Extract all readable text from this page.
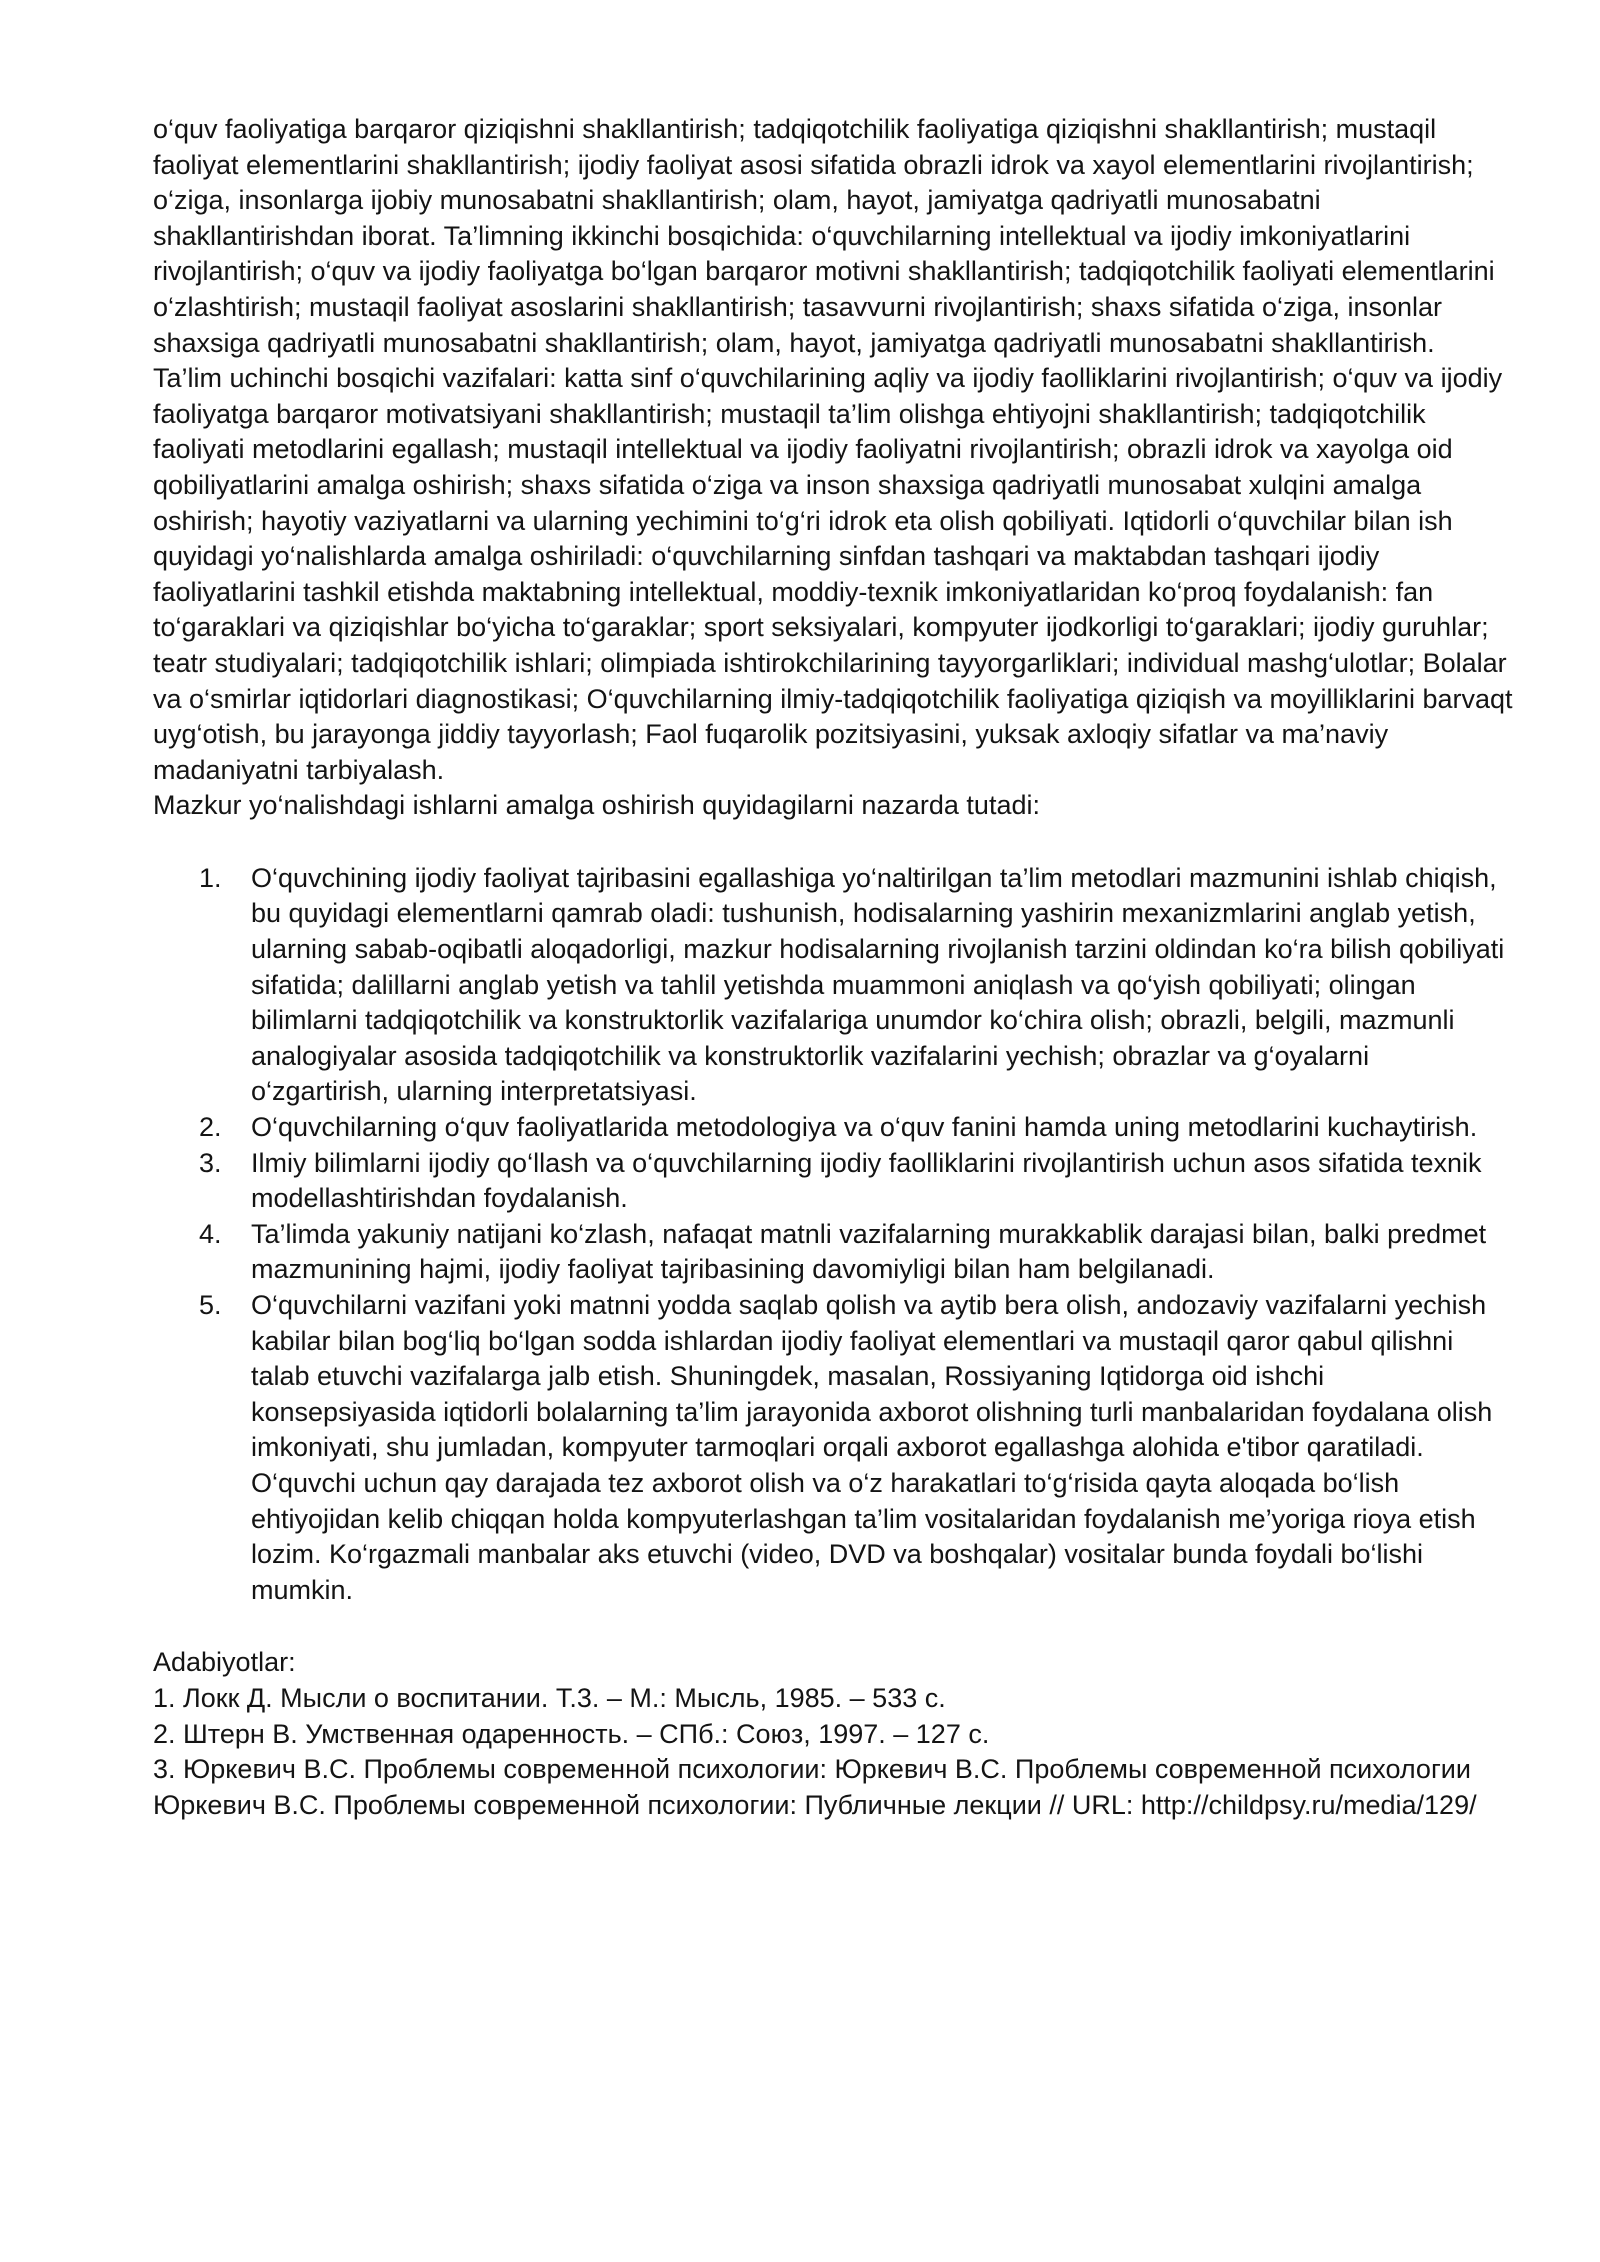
o‘quv faoliyatiga barqaror qiziqishni shakllantirish; tadqiqotchilik faoliyatiga qiziqishni shakllantirish; mustaqil faoliyat elementlarini shakllantirish; ijodiy faoliyat asosi sifatida obrazli idrok va xayol elementlarini rivojlantirish; o‘ziga, insonlarga ijobiy munosabatni shakllantirish; olam, hayot, jamiyatga qadriyatli munosabatni shakllantirishdan iborat. Ta’limning ikkinchi bosqichida: o‘quvchilarning intellektual va ijodiy imkoniyatlarini rivojlantirish; o‘quv va ijodiy faoliyatga bo‘lgan barqaror motivni shakllantirish; tadqiqotchilik faoliyati elementlarini o‘zlashtirish; mustaqil faoliyat asoslarini shakllantirish; tasavvurni rivojlantirish; shaxs sifatida o‘ziga, insonlar shaxsiga qadriyatli munosabatni shakllantirish; olam, hayot, jamiyatga qadriyatli munosabatni shakllantirish.

Ta’lim uchinchi bosqichi vazifalari: katta sinf o‘quvchilarining aqliy va ijodiy faolliklarini rivojlantirish; o‘quv va ijodiy faoliyatga barqaror motivatsiyani shakllantirish; mustaqil ta’lim olishga ehtiyojni shakllantirish; tadqiqotchilik faoliyati metodlarini egallash; mustaqil intellektual va ijodiy faoliyatni rivojlantirish; obrazli idrok va xayolga oid qobiliyatlarini amalga oshirish; shaxs sifatida o‘ziga va inson shaxsiga qadriyatli munosabat xulqini amalga oshirish; hayotiy vaziyatlarni va ularning yechimini to‘g‘ri idrok eta olish qobiliyati. Iqtidorli o‘quvchilar bilan ish quyidagi yo‘nalishlarda amalga oshiriladi: o‘quvchilarning sinfdan tashqari va maktabdan tashqari ijodiy faoliyatlarini tashkil etishda maktabning intellektual, moddiy-texnik imkoniyatlaridan ko‘proq foydalanish: fan to‘garaklari va qiziqishlar bo‘yicha to‘garaklar; sport seksiyalari, kompyuter ijodkorligi to‘garaklari; ijodiy guruhlar; teatr studiyalari; tadqiqotchilik ishlari; olimpiada ishtirokchilarining tayyorgarliklari; individual mashg‘ulotlar; Bolalar va o‘smirlar iqtidorlari diagnostikasi; O‘quvchilarning ilmiy-tadqiqotchilik faoliyatiga qiziqish va moyilliklarini barvaqt uyg‘otish, bu jarayonga jiddiy tayyorlash; Faol fuqarolik pozitsiyasini, yuksak axloqiy sifatlar va ma’naviy madaniyatni tarbiyalash.

Mazkur yo‘nalishdagi ishlarni amalga oshirish quyidagilarni nazarda tutadi:

1. O‘quvchining ijodiy faoliyat tajribasini egallashiga yo‘naltirilgan ta’lim metodlari mazmunini ishlab chiqish, bu quyidagi elementlarni qamrab oladi: tushunish, hodisalarning yashirin mexanizmlarini anglab yetish, ularning sabab-oqibatli aloqadorligi, mazkur hodisalarning rivojlanish tarzini oldindan ko‘ra bilish qobiliyati sifatida; dalillarni anglab yetish va tahlil yetishda muammoni aniqlash va qo‘yish qobiliyati; olingan bilimlarni tadqiqotchilik va konstruktorlik vazifalariga unumdor ko‘chira olish; obrazli, belgili, mazmunli analogiyalar asosida tadqiqotchilik va konstruktorlik vazifalarini yechish; obrazlar va g‘oyalarni o‘zgartirish, ularning interpretatsiyasi.
2. O‘quvchilarning o‘quv faoliyatlarida metodologiya va o‘quv fanini hamda uning metodlarini kuchaytirish.
3. Ilmiy bilimlarni ijodiy qo‘llash va o‘quvchilarning ijodiy faolliklarini rivojlantirish uchun asos sifatida texnik modellashtirishdan foydalanish.
4. Ta’limda yakuniy natijani ko‘zlash, nafaqat matnli vazifalarning murakkablik darajasi bilan, balki predmet mazmunining hajmi, ijodiy faoliyat tajribasining davomiyligi bilan ham belgilanadi.
5. O‘quvchilarni vazifani yoki matnni yodda saqlab qolish va aytib bera olish, andozaviy vazifalarni yechish kabilar bilan bog‘liq bo‘lgan sodda ishlardan ijodiy faoliyat elementlari va mustaqil qaror qabul qilishni talab etuvchi vazifalarga jalb etish. Shuningdek, masalan, Rossiyaning Iqtidorga oid ishchi konsepsiyasida iqtidorli bolalarning ta’lim jarayonida axborot olishning turli manbalaridan foydalana olish imkoniyati, shu jumladan, kompyuter tarmoqlari orqali axborot egallashga alohida e'tibor qaratiladi. O‘quvchi uchun qay darajada tez axborot olish va o‘z harakatlari to‘g‘risida qayta aloqada bo‘lish ehtiyojidan kelib chiqqan holda kompyuterlashgan ta’lim vositalaridan foydalanish me’yoriga rioya etish lozim. Ko‘rgazmali manbalar aks etuvchi (video, DVD va boshqalar) vositalar bunda foydali bo‘lishi mumkin.

Adabiyotlar:

1. Локк Д. Мысли о воспитании. Т.3. – М.: Мысль, 1985. – 533 с.

2. Штерн В. Умственная одаренность. – СПб.: Союз, 1997. – 127 с.

3. Юркевич В.С. Проблемы современной психологии: Юркевич В.С. Проблемы современной психологии Юркевич В.С. Проблемы современной психологии: Публичные лекции // URL: http://childpsy.ru/media/129/
